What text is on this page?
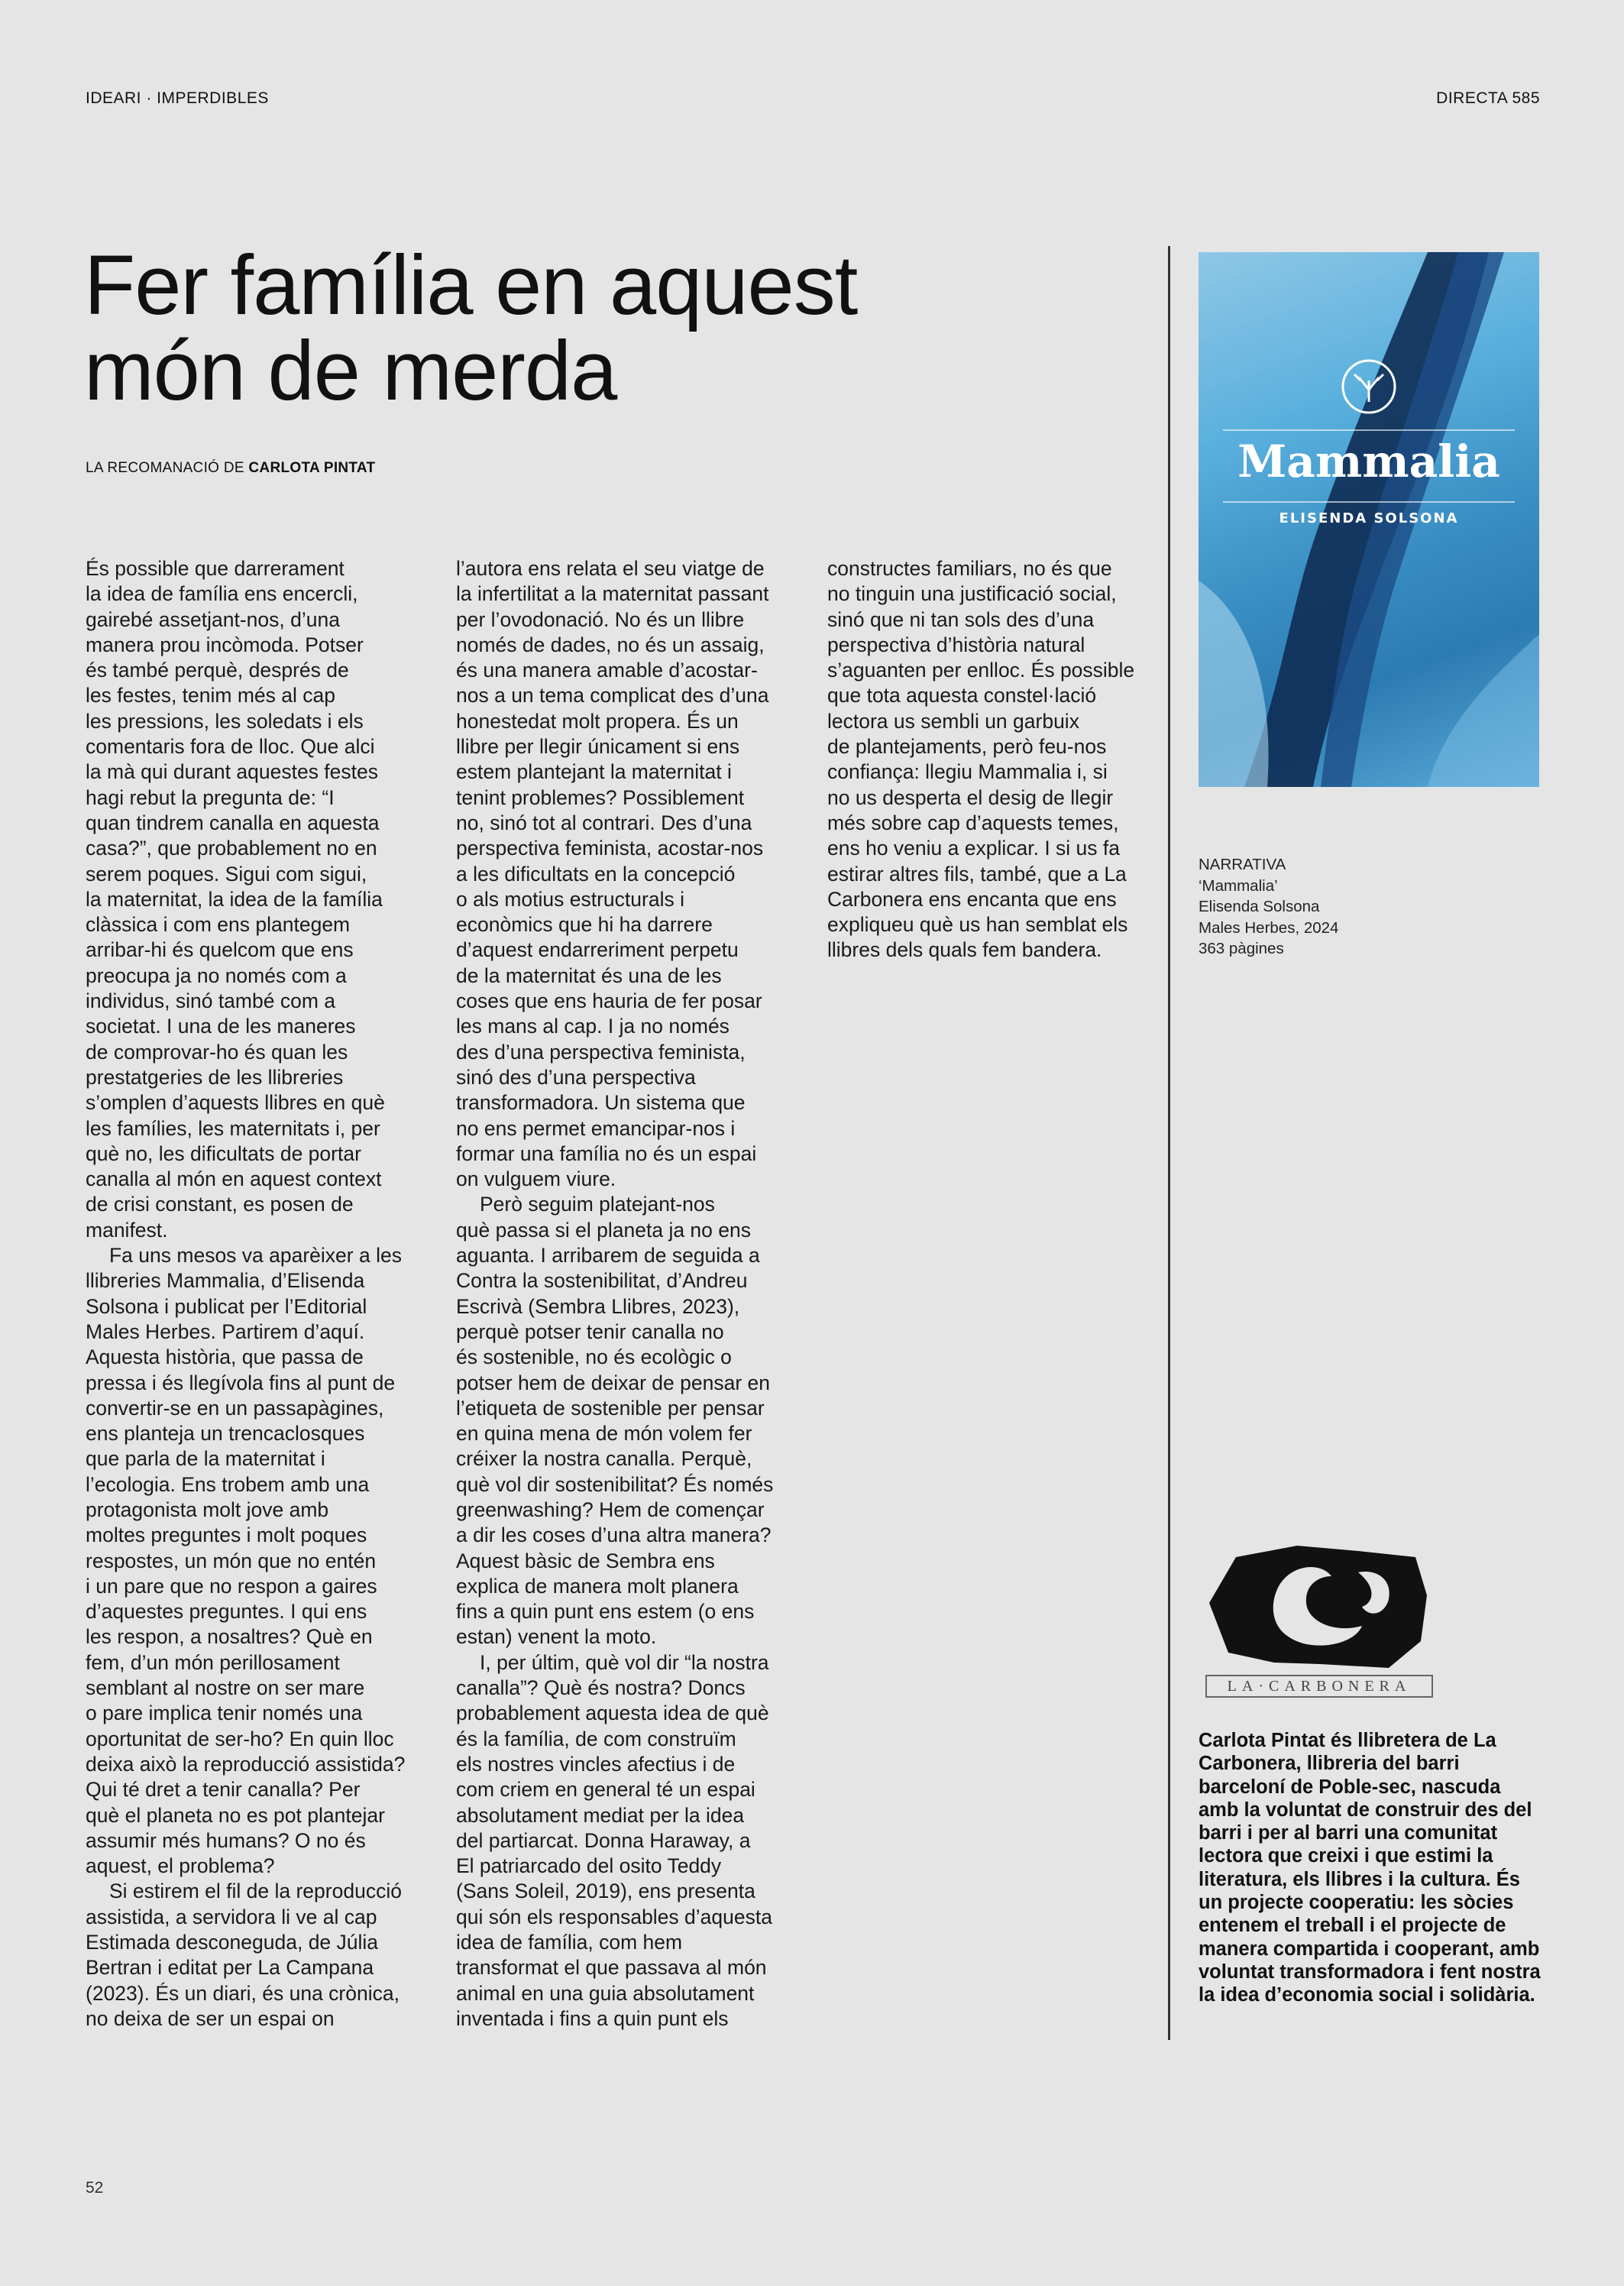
IDEARI · IMPERDIBLES	DIRECTA 585
Fer família en aquest
món de merda
LA RECOMANACIÓ DE CARLOTA PINTAT
És possible que darrerament
la idea de família ens encercli,
gairebé assetjant-nos, d’una
manera prou incòmoda. Potser
és també perquè, després de
les festes, tenim més al cap
les pressions, les soledats i els
comentaris fora de lloc. Que alci
la mà qui durant aquestes festes
hagi rebut la pregunta de: “I
quan tindrem canalla en aquesta
casa?”, que probablement no en
serem poques. Sigui com sigui,
la maternitat, la idea de la família
clàssica i com ens plantegem
arribar-hi és quelcom que ens
preocupa ja no només com a
individus, sinó també com a
societat. I una de les maneres
de comprovar-ho és quan les
prestatgeries de les llibreries
s’omplen d’aquests llibres en què
les famílies, les maternitats i, per
què no, les dificultats de portar
canalla al món en aquest context
de crisi constant, es posen de
manifest.
Fa uns mesos va aparèixer a les
llibreries Mammalia, d’Elisenda
Solsona i publicat per l’Editorial
Males Herbes. Partirem d’aquí.
Aquesta història, que passa de
pressa i és llegívola fins al punt de
convertir-se en un passapàgines,
ens planteja un trencaclosques
que parla de la maternitat i
l’ecologia. Ens trobem amb una
protagonista molt jove amb
moltes preguntes i molt poques
respostes, un món que no entén
i un pare que no respon a gaires
d’aquestes preguntes. I qui ens
les respon, a nosaltres? Què en
fem, d’un món perillosament
semblant al nostre on ser mare
o pare implica tenir només una
oportunitat de ser-ho? En quin lloc
deixa això la reproducció assistida?
Qui té dret a tenir canalla? Per
què el planeta no es pot plantejar
assumir més humans? O no és
aquest, el problema?
Si estirem el fil de la reproducció
assistida, a servidora li ve al cap
Estimada desconeguda, de Júlia
Bertran i editat per La Campana
(2023). És un diari, és una crònica,
no deixa de ser un espai on
l’autora ens relata el seu viatge de
la infertilitat a la maternitat passant
per l’ovodonació. No és un llibre
només de dades, no és un assaig,
és una manera amable d’acostar-
nos a un tema complicat des d’una
honestedat molt propera. És un
llibre per llegir únicament si ens
estem plantejant la maternitat i
tenint problemes? Possiblement
no, sinó tot al contrari. Des d’una
perspectiva feminista, acostar-nos
a les dificultats en la concepció
o als motius estructurals i
econòmics que hi ha darrere
d’aquest endarreriment perpetu
de la maternitat és una de les
coses que ens hauria de fer posar
les mans al cap. I ja no només
des d’una perspectiva feminista,
sinó des d’una perspectiva
transformadora. Un sistema que
no ens permet emancipar-nos i
formar una família no és un espai
on vulguem viure.
Però seguim platejant-nos
què passa si el planeta ja no ens
aguanta. I arribarem de seguida a
Contra la sostenibilitat, d’Andreu
Escrivà (Sembra Llibres, 2023),
perquè potser tenir canalla no
és sostenible, no és ecològic o
potser hem de deixar de pensar en
l’etiqueta de sostenible per pensar
en quina mena de món volem fer
créixer la nostra canalla. Perquè,
què vol dir sostenibilitat? És només
greenwashing? Hem de començar
a dir les coses d’una altra manera?
Aquest bàsic de Sembra ens
explica de manera molt planera
fins a quin punt ens estem (o ens
estan) venent la moto.
I, per últim, què vol dir “la nostra
canalla”? Què és nostra? Doncs
probablement aquesta idea de què
és la família, de com construïm
els nostres vincles afectius i de
com criem en general té un espai
absolutament mediat per la idea
del partiarcat. Donna Haraway, a
El patriarcado del osito Teddy
(Sans Soleil, 2019), ens presenta
qui són els responsables d’aquesta
idea de família, com hem
transformat el que passava al món
animal en una guia absolutament
inventada i fins a quin punt els
constructes familiars, no és que
no tinguin una justificació social,
sinó que ni tan sols des d’una
perspectiva d’història natural
s’aguanten per enlloc. És possible
que tota aquesta constel·lació
lectora us sembli un garbuix
de plantejaments, però feu-nos
confiança: llegiu Mammalia i, si
no us desperta el desig de llegir
més sobre cap d’aquests temes,
ens ho veniu a explicar. I si us fa
estirar altres fils, també, que a La
Carbonera ens encanta que ens
expliqueu què us han semblat els
llibres dels quals fem bandera.
Mammalia
ELISENDA SOLSONA
NARRATIVA
‘Mammalia’
Elisenda Solsona
Males Herbes, 2024
363 pàgines
LA·CARBONERA
Carlota Pintat és llibretera de La Carbonera, llibreria del barri barceloní de Poble-sec, nascuda amb la voluntat de construir des del barri i per al barri una comunitat lectora que creixi i que estimi la literatura, els llibres i la cultura. És un projecte cooperatiu: les sòcies entenem el treball i el projecte de manera compartida i cooperant, amb voluntat transformadora i fent nostra la idea d’economia social i solidària.
52
